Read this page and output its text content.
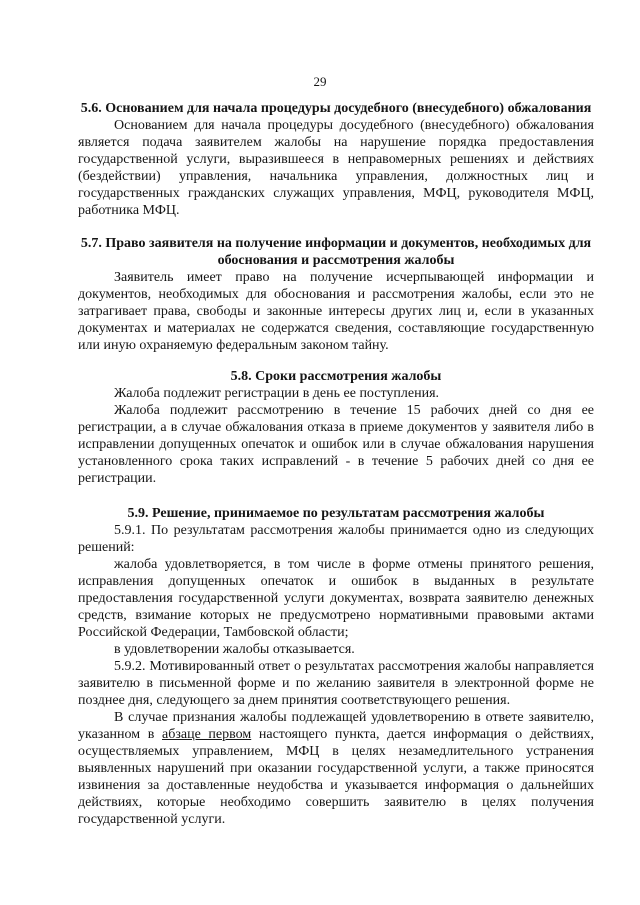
29

5.6. Основанием для начала процедуры досудебного (внесудебного) обжалования

Основанием для начала процедуры досудебного (внесудебного) обжалования является подача заявителем жалобы на нарушение порядка предоставления государственной услуги, выразившееся в неправомерных решениях и действиях (бездействии) управления, начальника управления, должностных лиц и государственных гражданских служащих управления, МФЦ, руководителя МФЦ, работника МФЦ.

5.7. Право заявителя на получение информации и документов, необходимых для обоснования и рассмотрения жалобы

Заявитель имеет право на получение исчерпывающей информации и документов, необходимых для обоснования и рассмотрения жалобы, если это не затрагивает права, свободы и законные интересы других лиц и, если в указанных документах и материалах не содержатся сведения, составляющие государственную или иную охраняемую федеральным законом тайну.

5.8. Сроки рассмотрения жалобы

Жалоба подлежит регистрации в день ее поступления.

Жалоба подлежит рассмотрению в течение 15 рабочих дней со дня ее регистрации, а в случае обжалования отказа в приеме документов у заявителя либо в исправлении допущенных опечаток и ошибок или в случае обжалования нарушения установленного срока таких исправлений - в течение 5 рабочих дней со дня ее регистрации.

5.9. Решение, принимаемое по результатам рассмотрения жалобы

5.9.1. По результатам рассмотрения жалобы принимается одно из следующих решений:

жалоба удовлетворяется, в том числе в форме отмены принятого решения, исправления допущенных опечаток и ошибок в выданных в результате предоставления государственной услуги документах, возврата заявителю денежных средств, взимание которых не предусмотрено нормативными правовыми актами Российской Федерации, Тамбовской области;

в удовлетворении жалобы отказывается.

5.9.2. Мотивированный ответ о результатах рассмотрения жалобы направляется заявителю в письменной форме и по желанию заявителя в электронной форме не позднее дня, следующего за днем принятия соответствующего решения.

В случае признания жалобы подлежащей удовлетворению в ответе заявителю, указанном в абзаце первом настоящего пункта, дается информация о действиях, осуществляемых управлением, МФЦ в целях незамедлительного устранения выявленных нарушений при оказании государственной услуги, а также приносятся извинения за доставленные неудобства и указывается информация о дальнейших действиях, которые необходимо совершить заявителю в целях получения государственной услуги.
